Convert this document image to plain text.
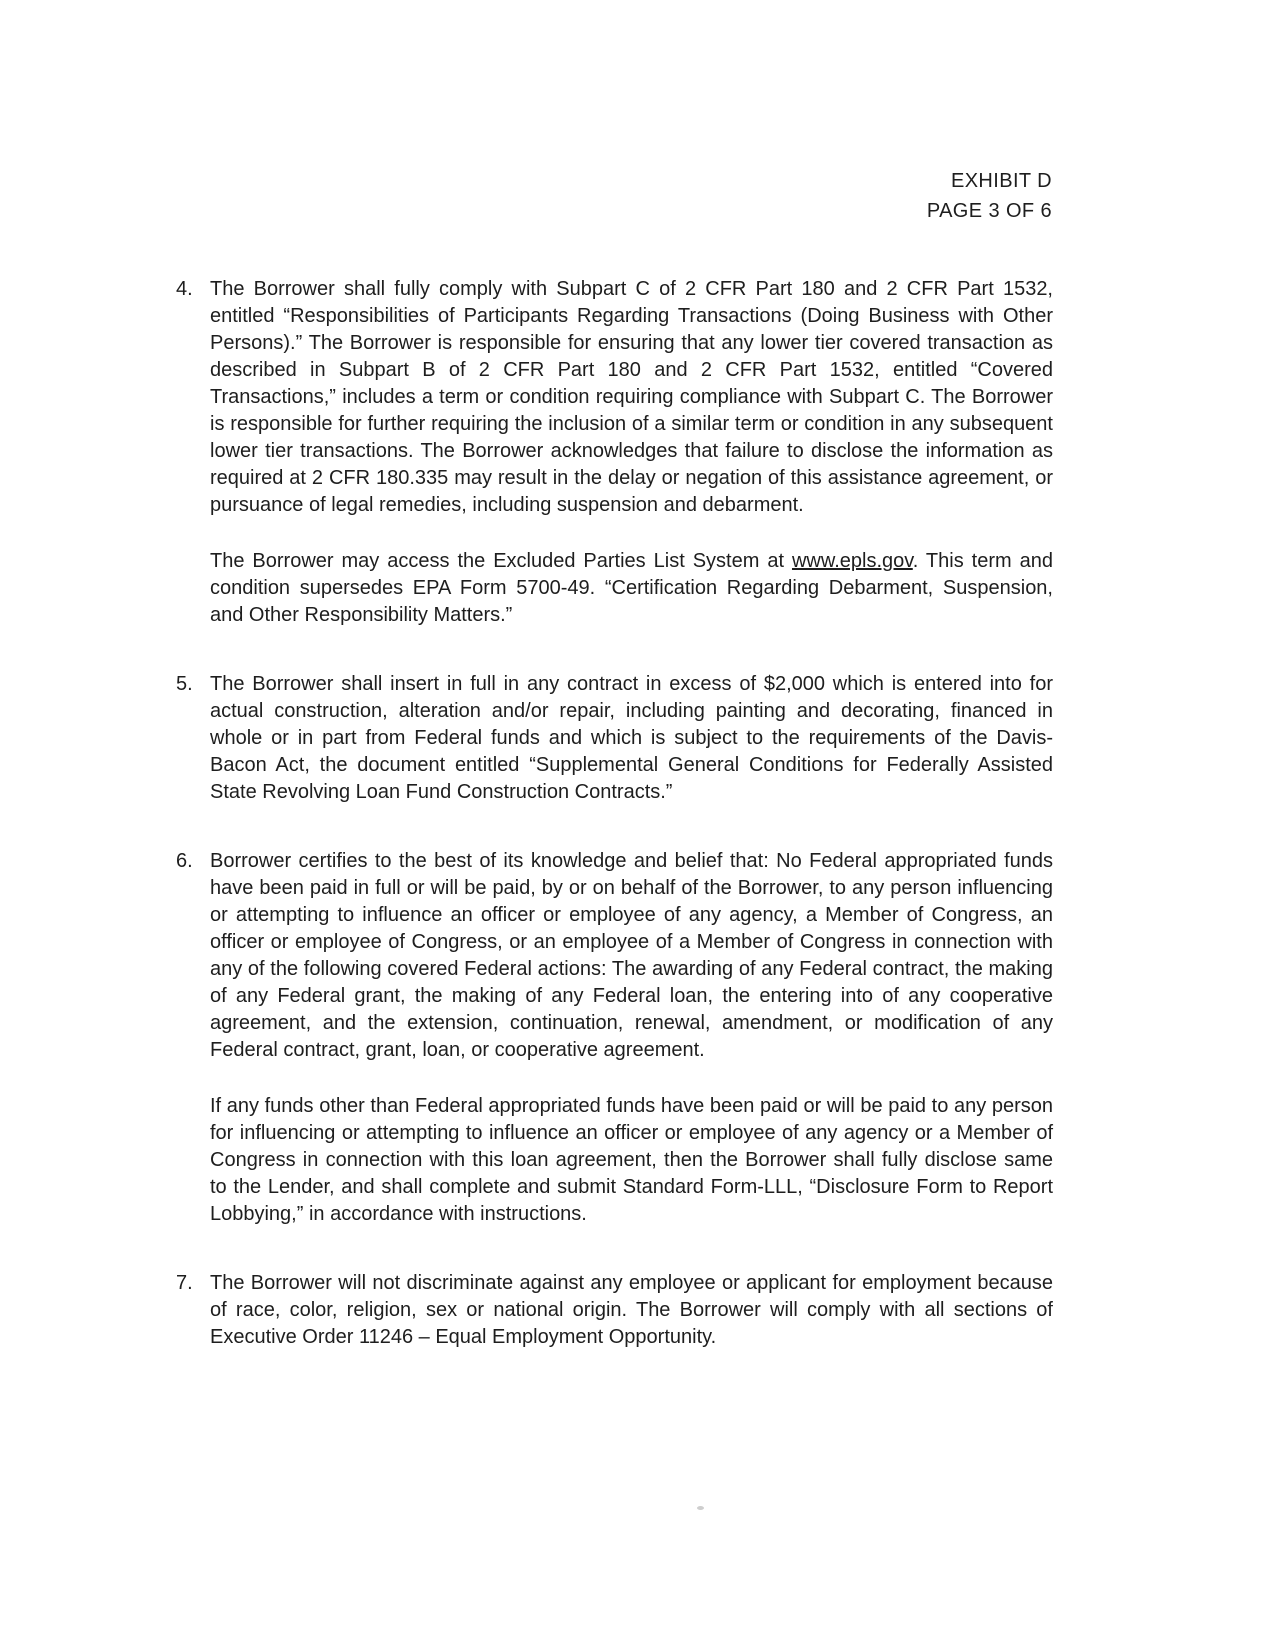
EXHIBIT D
PAGE 3 OF 6
4. The Borrower shall fully comply with Subpart C of 2 CFR Part 180 and 2 CFR Part 1532, entitled “Responsibilities of Participants Regarding Transactions (Doing Business with Other Persons).” The Borrower is responsible for ensuring that any lower tier covered transaction as described in Subpart B of 2 CFR Part 180 and 2 CFR Part 1532, entitled “Covered Transactions,” includes a term or condition requiring compliance with Subpart C. The Borrower is responsible for further requiring the inclusion of a similar term or condition in any subsequent lower tier transactions. The Borrower acknowledges that failure to disclose the information as required at 2 CFR 180.335 may result in the delay or negation of this assistance agreement, or pursuance of legal remedies, including suspension and debarment.

The Borrower may access the Excluded Parties List System at www.epls.gov. This term and condition supersedes EPA Form 5700-49. “Certification Regarding Debarment, Suspension, and Other Responsibility Matters.”

5. The Borrower shall insert in full in any contract in excess of $2,000 which is entered into for actual construction, alteration and/or repair, including painting and decorating, financed in whole or in part from Federal funds and which is subject to the requirements of the Davis-Bacon Act, the document entitled “Supplemental General Conditions for Federally Assisted State Revolving Loan Fund Construction Contracts.”

6. Borrower certifies to the best of its knowledge and belief that: No Federal appropriated funds have been paid in full or will be paid, by or on behalf of the Borrower, to any person influencing or attempting to influence an officer or employee of any agency, a Member of Congress, an officer or employee of Congress, or an employee of a Member of Congress in connection with any of the following covered Federal actions: The awarding of any Federal contract, the making of any Federal grant, the making of any Federal loan, the entering into of any cooperative agreement, and the extension, continuation, renewal, amendment, or modification of any Federal contract, grant, loan, or cooperative agreement.

If any funds other than Federal appropriated funds have been paid or will be paid to any person for influencing or attempting to influence an officer or employee of any agency or a Member of Congress in connection with this loan agreement, then the Borrower shall fully disclose same to the Lender, and shall complete and submit Standard Form-LLL, “Disclosure Form to Report Lobbying,” in accordance with instructions.

7. The Borrower will not discriminate against any employee or applicant for employment because of race, color, religion, sex or national origin. The Borrower will comply with all sections of Executive Order 11246 – Equal Employment Opportunity.
